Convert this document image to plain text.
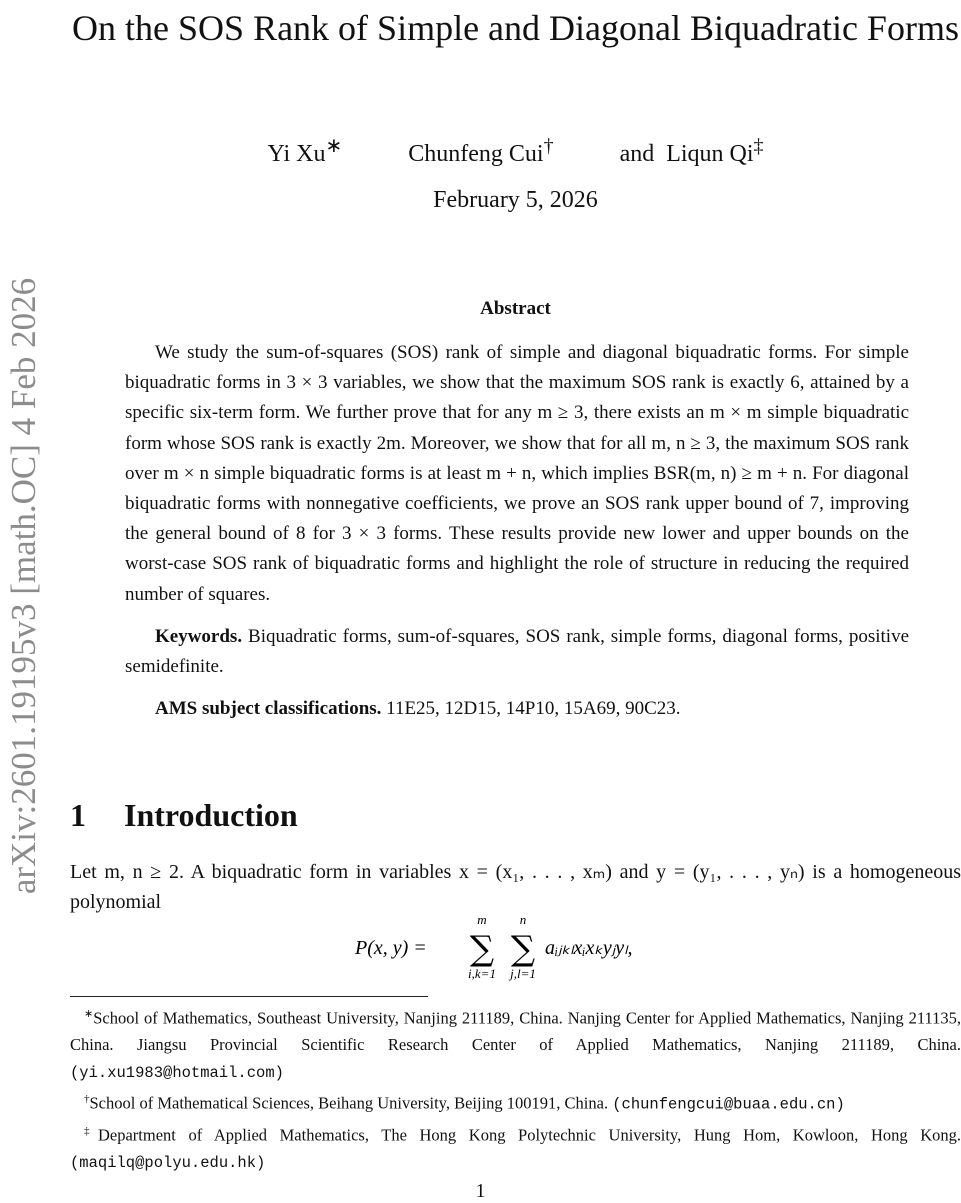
arXiv:2601.19195v3 [math.OC] 4 Feb 2026
On the SOS Rank of Simple and Diagonal Biquadratic Forms
Yi Xu∗	Chunfeng Cui†	and Liqun Qi‡
February 5, 2026
Abstract

We study the sum-of-squares (SOS) rank of simple and diagonal biquadratic forms. For simple biquadratic forms in 3 × 3 variables, we show that the maximum SOS rank is exactly 6, attained by a specific six-term form. We further prove that for any m ≥ 3, there exists an m × m simple biquadratic form whose SOS rank is exactly 2m. Moreover, we show that for all m, n ≥ 3, the maximum SOS rank over m × n simple biquadratic forms is at least m + n, which implies BSR(m, n) ≥ m + n. For diagonal biquadratic forms with nonnegative coefficients, we prove an SOS rank upper bound of 7, improving the general bound of 8 for 3 × 3 forms. These results provide new lower and upper bounds on the worst-case SOS rank of biquadratic forms and highlight the role of structure in reducing the required number of squares.

Keywords. Biquadratic forms, sum-of-squares, SOS rank, simple forms, diagonal forms, positive semidefinite.

AMS subject classifications. 11E25, 12D15, 14P10, 15A69, 90C23.

1 Introduction

Let m, n ≥ 2. A biquadratic form in variables x = (x₁, . . . , xₘ) and y = (y₁, . . . , yₙ) is a homogeneous polynomial

P(x, y) =
m
∑
i,k=1
n
∑
j,l=1
aᵢⱼₖₗxᵢxₖyⱼyₗ,

∗School of Mathematics, Southeast University, Nanjing 211189, China. Nanjing Center for Applied Mathematics, Nanjing 211135, China. Jiangsu Provincial Scientific Research Center of Applied Mathematics, Nanjing 211189, China. (yi.xu1983@hotmail.com)

†School of Mathematical Sciences, Beihang University, Beijing 100191, China. (chunfengcui@buaa.edu.cn)

‡Department of Applied Mathematics, The Hong Kong Polytechnic University, Hung Hom, Kowloon, Hong Kong. (maqilq@polyu.edu.hk)

1
